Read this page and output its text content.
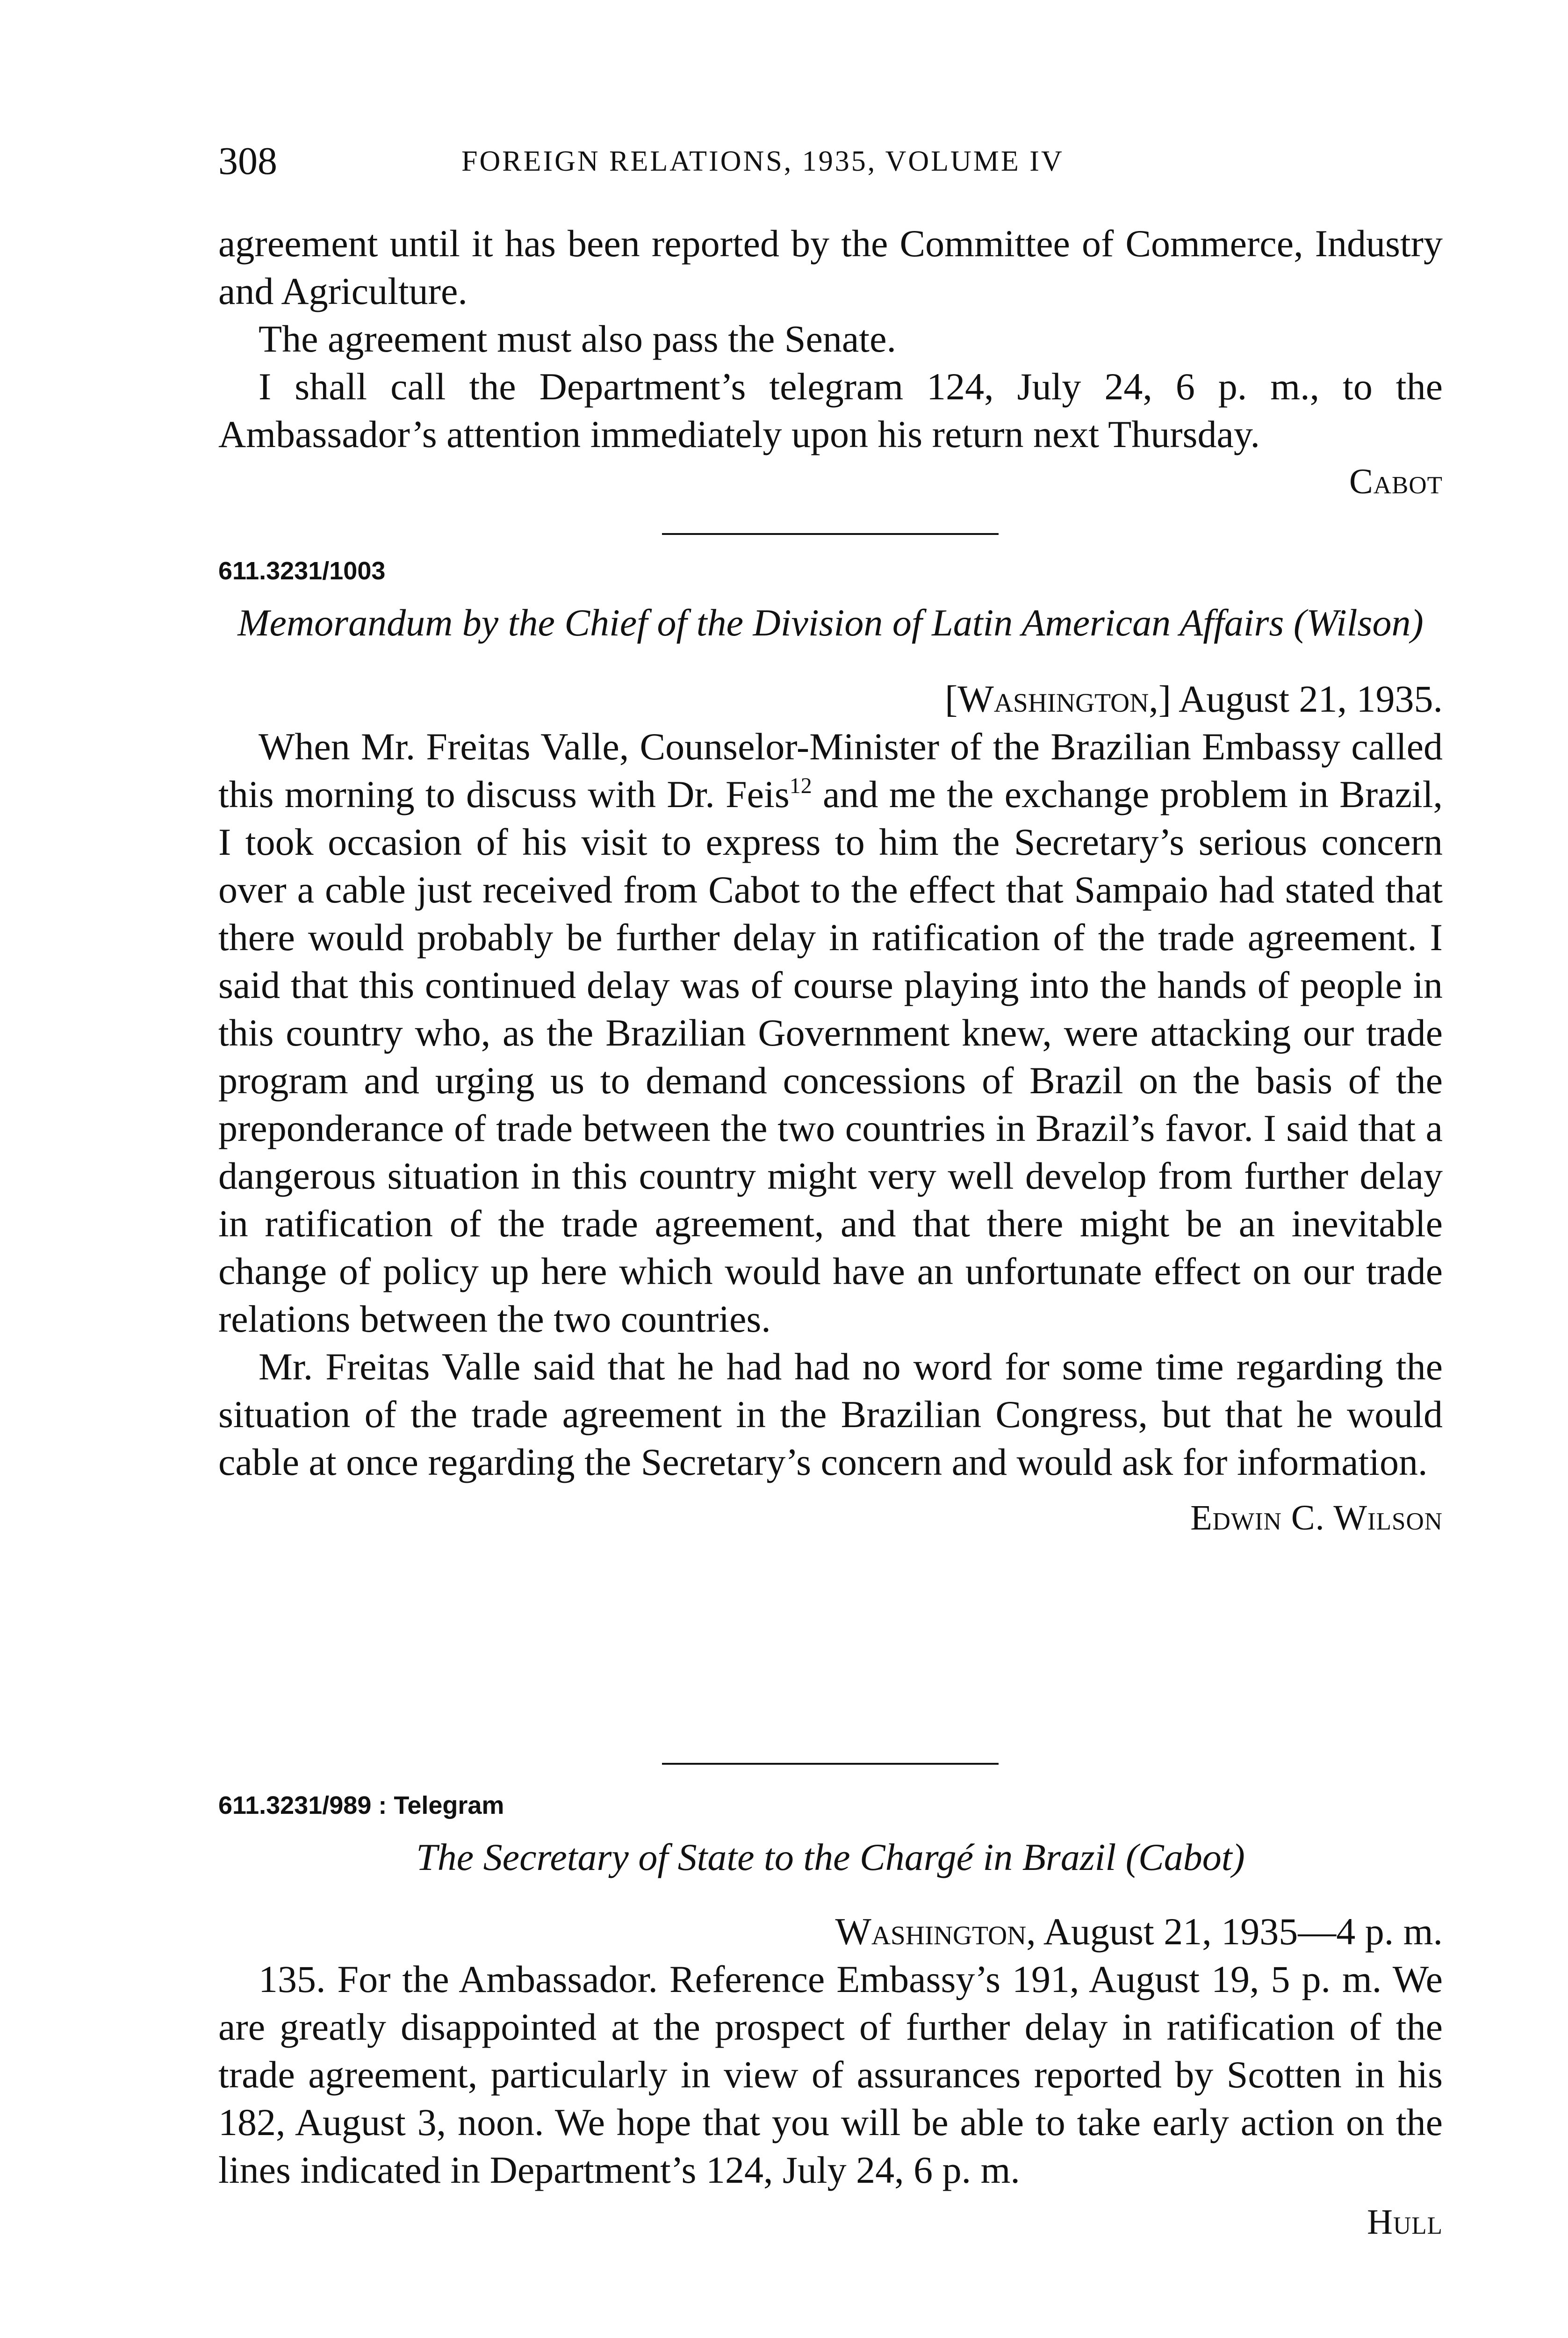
308	FOREIGN RELATIONS, 1935, VOLUME IV

agreement until it has been reported by the Committee of Commerce, Industry and Agriculture.

The agreement must also pass the Senate.

I shall call the Department’s telegram 124, July 24, 6 p. m., to the Ambassador’s attention immediately upon his return next Thursday.

Cabot

611.3231/1003

Memorandum by the Chief of the Division of Latin American Affairs (Wilson)

[Washington,] August 21, 1935.

When Mr. Freitas Valle, Counselor-Minister of the Brazilian Embassy called this morning to discuss with Dr. Feis$^{12}$ and me the exchange problem in Brazil, I took occasion of his visit to express to him the Secretary’s serious concern over a cable just received from Cabot to the effect that Sampaio had stated that there would probably be further delay in ratification of the trade agreement. I said that this continued delay was of course playing into the hands of people in this country who, as the Brazilian Government knew, were attacking our trade program and urging us to demand concessions of Brazil on the basis of the preponderance of trade between the two countries in Brazil’s favor. I said that a dangerous situation in this country might very well develop from further delay in ratification of the trade agreement, and that there might be an inevitable change of policy up here which would have an unfortunate effect on our trade relations between the two countries.

Mr. Freitas Valle said that he had had no word for some time regarding the situation of the trade agreement in the Brazilian Congress, but that he would cable at once regarding the Secretary’s concern and would ask for information.

Edwin C. Wilson

611.3231/989 : Telegram

The Secretary of State to the Chargé in Brazil (Cabot)

Washington, August 21, 1935—4 p. m.

135. For the Ambassador. Reference Embassy’s 191, August 19, 5 p. m. We are greatly disappointed at the prospect of further delay in ratification of the trade agreement, particularly in view of assurances reported by Scotten in his 182, August 3, noon. We hope that you will be able to take early action on the lines indicated in Department’s 124, July 24, 6 p. m.

Hull
